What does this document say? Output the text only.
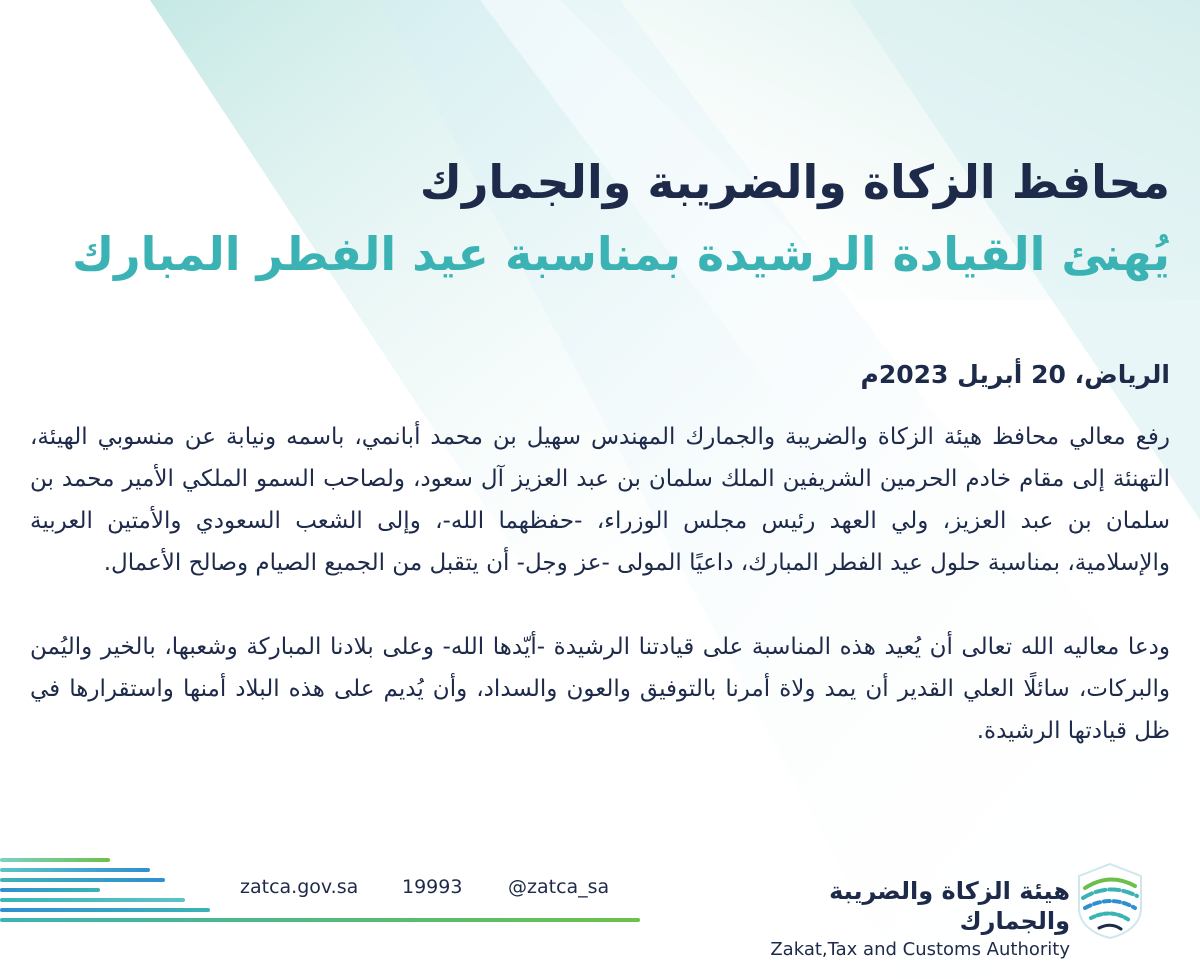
محافظ الزكاة والضريبة والجمارك
يُهنئ القيادة الرشيدة بمناسبة عيد الفطر المبارك
الرياض، 20 أبريل 2023م

رفع معالي محافظ هيئة الزكاة والضريبة والجمارك المهندس سهيل بن محمد أبانمي، باسمه ونيابة عن منسوبي الهيئة، التهنئة إلى مقام خادم الحرمين الشريفين الملك سلمان بن عبد العزيز آل سعود، ولصاحب السمو الملكي الأمير محمد بن سلمان بن عبد العزيز، ولي العهد رئيس مجلس الوزراء، -حفظهما الله-، وإلى الشعب السعودي والأمتين العربية والإسلامية، بمناسبة حلول عيد الفطر المبارك، داعيًا المولى -عز وجل- أن يتقبل من الجميع الصيام وصالح الأعمال.

ودعا معاليه الله تعالى أن يُعيد هذه المناسبة على قيادتنا الرشيدة -أيّدها الله- وعلى بلادنا المباركة وشعبها، بالخير واليُمن والبركات، سائلًا العلي القدير أن يمد ولاة أمرنا بالتوفيق والعون والسداد، وأن يُديم على هذه البلاد أمنها واستقرارها في ظل قيادتها الرشيدة.

zatca.gov.sa 19993 @zatca_sa	هيئة الزكاة والضريبة والجمارك
Zakat,Tax and Customs Authority
